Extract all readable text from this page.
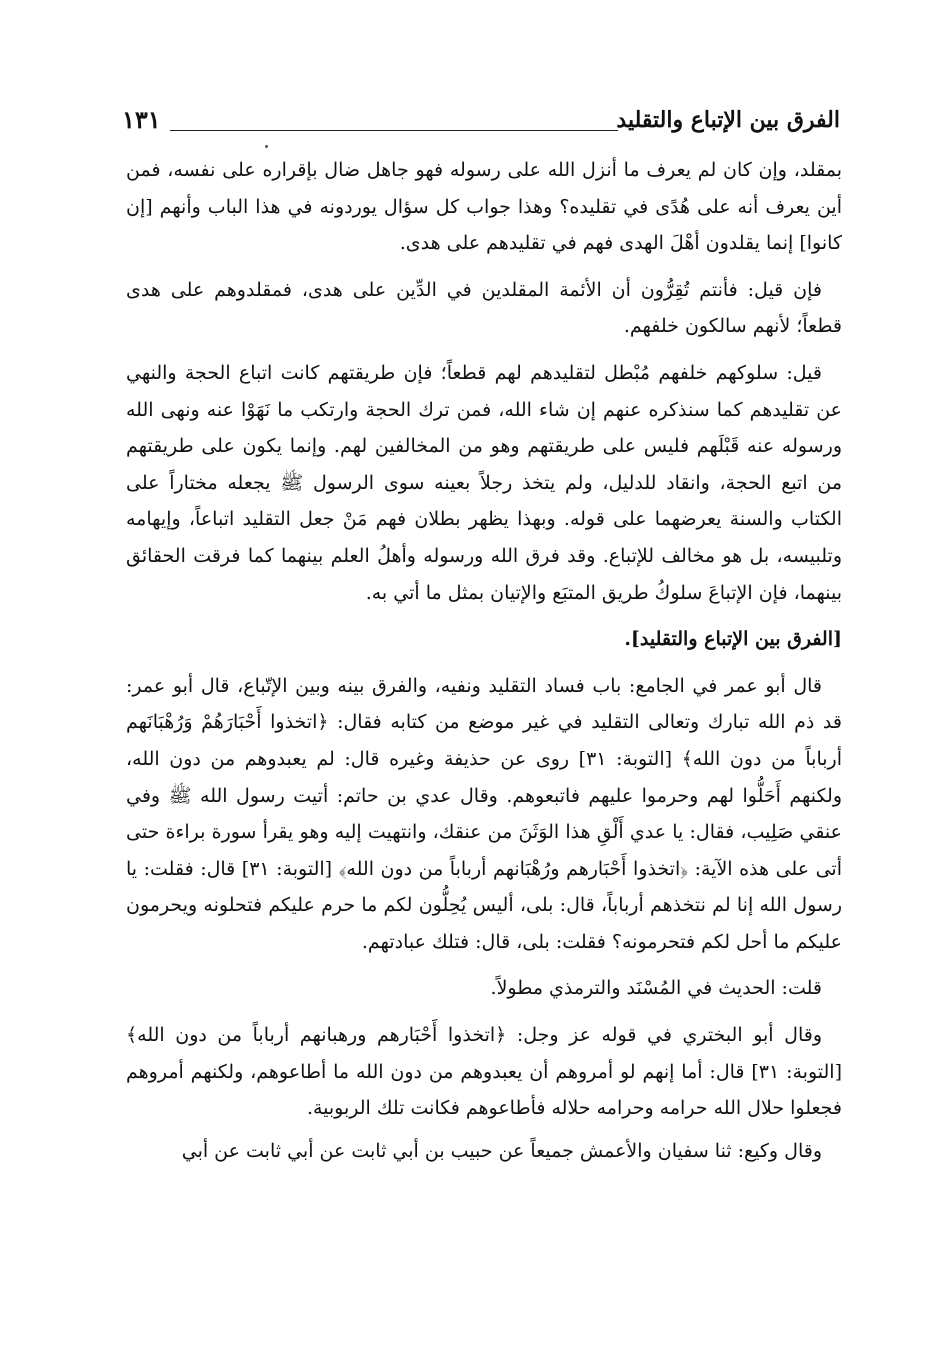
الفرق بين الإتباع والتقليد
١٣١

بمقلد، وإن كان لم يعرف ما أنزل الله على رسوله فهو جاهل ضال بإقراره على نفسه، فمن أين يعرف أنه على هُدًى في تقليده؟ وهذا جواب كل سؤال يوردونه في هذا الباب وأنهم [إن كانوا] إنما يقلدون أهْلَ الهدى فهم في تقليدهم على هدى.

فإن قيل: فأنتم تُقِرُّون أن الأئمة المقلدين في الدِّين على هدى، فمقلدوهم على هدى قطعاً؛ لأنهم سالكون خلفهم.

قيل: سلوكهم خلفهم مُبْطل لتقليدهم لهم قطعاً؛ فإن طريقتهم كانت اتباع الحجة والنهي عن تقليدهم كما سنذكره عنهم إن شاء الله، فمن ترك الحجة وارتكب ما نَهَوْا عنه ونهى الله ورسوله عنه قَبْلَهم فليس على طريقتهم وهو من المخالفين لهم. وإنما يكون على طريقتهم من اتبع الحجة، وانقاد للدليل، ولم يتخذ رجلاً بعينه سوى الرسول ﷺ يجعله مختاراً على الكتاب والسنة يعرضهما على قوله. وبهذا يظهر بطلان فهم مَنْ جعل التقليد اتباعاً، وإيهامه وتلبيسه، بل هو مخالف للإتباع. وقد فرق الله ورسوله وأهلُ العلم بينهما كما فرقت الحقائق بينهما، فإن الإتباعَ سلوكُ طريق المتبَع والإتيان بمثل ما أتي به.

[الفرق بين الإتباع والتقليد].

قال أبو عمر في الجامع: باب فساد التقليد ونفيه، والفرق بينه وبين الإتّباع، قال أبو عمر: قد ذم الله تبارك وتعالى التقليد في غير موضع من كتابه فقال: ﴿اتخذوا أَحْبَارَهُمْ وَرُهْبَانَهم أرباباً من دون الله﴾ [التوبة: ٣١] روى عن حذيفة وغيره قال: لم يعبدوهم من دون الله، ولكنهم أَحَلُّوا لهم وحرموا عليهم فاتبعوهم. وقال عدي بن حاتم: أتيت رسول الله ﷺ وفي عنقي صَلِيب، فقال: يا عدي أَلْقِ هذا الوَثَنَ من عنقك، وانتهيت إليه وهو يقرأ سورة براءة حتى أتى على هذه الآية: ﴿اتخذوا أَحْبَارهم ورُهْبَانهم أرباباً من دون الله﴾ [التوبة: ٣١] قال: فقلت: يا رسول الله إنا لم نتخذهم أرباباً، قال: بلى، أليس يُحِلُّون لكم ما حرم عليكم فتحلونه ويحرمون عليكم ما أحل لكم فتحرمونه؟ فقلت: بلى، قال: فتلك عبادتهم.

قلت: الحديث في المُسْنَد والترمذي مطولاً.

وقال أبو البختري في قوله عز وجل: ﴿اتخذوا أَحْبَارهم ورهبانهم أرباباً من دون الله﴾ [التوبة: ٣١] قال: أما إنهم لو أمروهم أن يعبدوهم من دون الله ما أطاعوهم، ولكنهم أمروهم فجعلوا حلال الله حرامه وحرامه حلاله فأطاعوهم فكانت تلك الربوبية.

وقال وكيع: ثنا سفيان والأعمش جميعاً عن حبيب بن أبي ثابت عن أبي ثابت عن أبي
